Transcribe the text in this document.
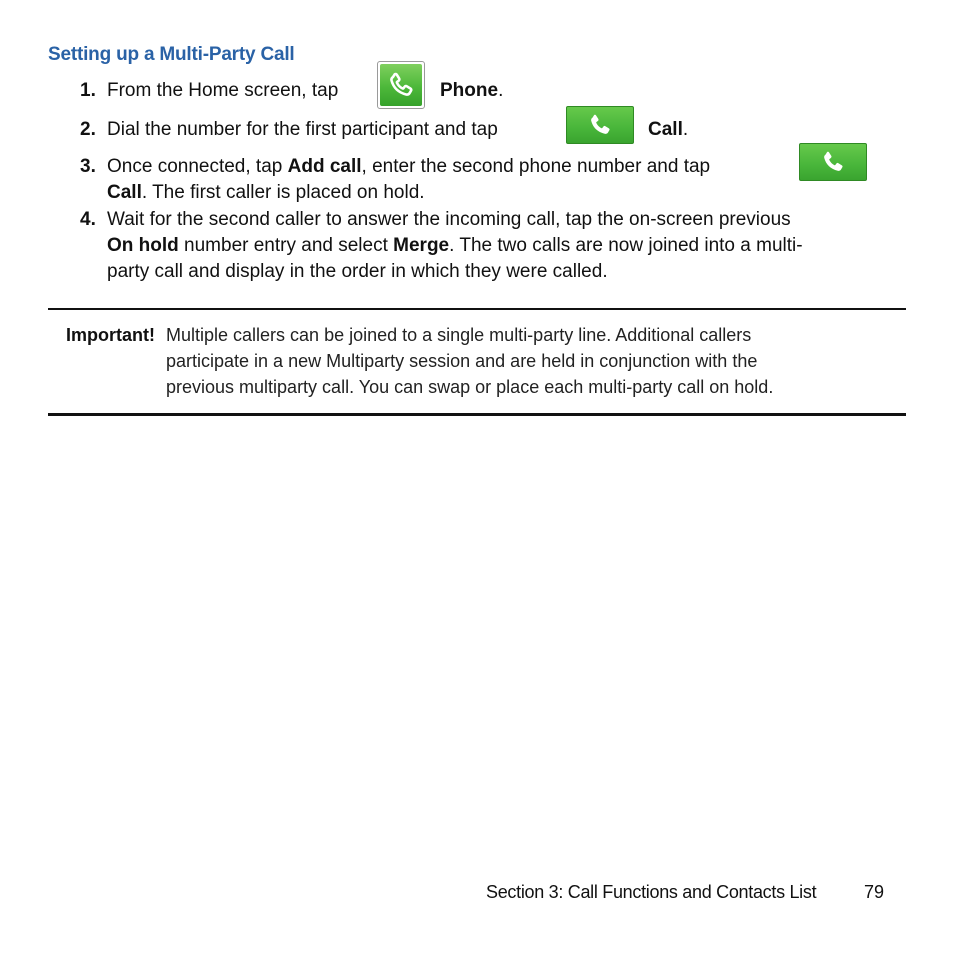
Setting up a Multi-Party Call
1. From the Home screen, tap	Phone.
2. Dial the number for the first participant and tap	Call.
3. Once connected, tap Add call, enter the second phone number and tap
Call. The first caller is placed on hold.
4. Wait for the second caller to answer the incoming call, tap the on-screen previous
On hold number entry and select Merge. The two calls are now joined into a multi-
party call and display in the order in which they were called.
Important! Multiple callers can be joined to a single multi-party line. Additional callers
participate in a new Multiparty session and are held in conjunction with the
previous multiparty call. You can swap or place each multi-party call on hold.
Section 3: Call Functions and Contacts List	79
